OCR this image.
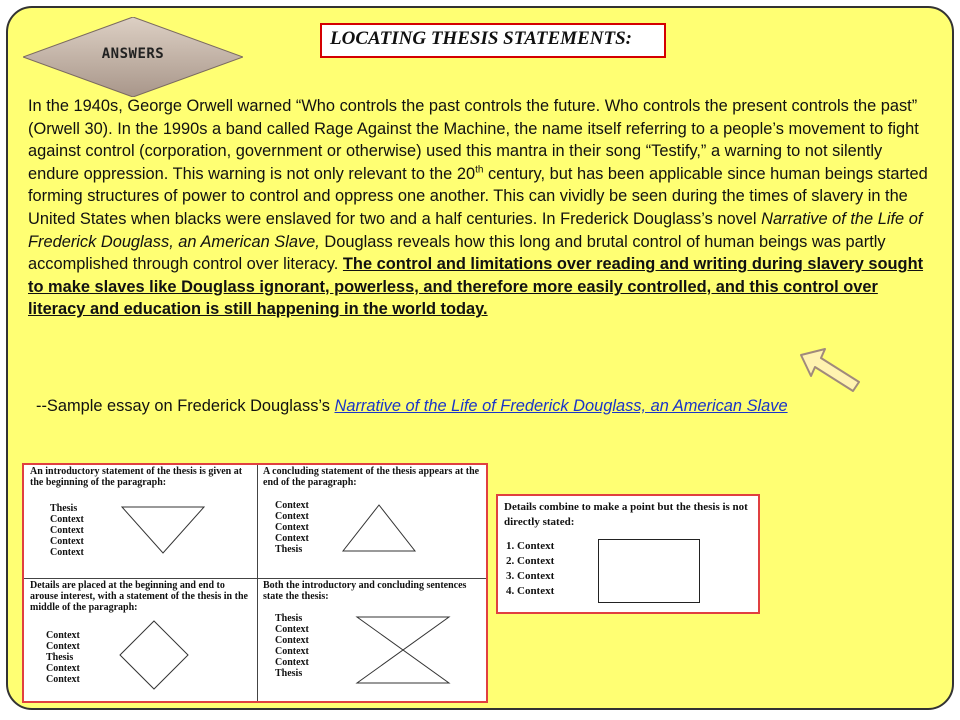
ANSWERS
LOCATING THESIS STATEMENTS:
In the 1940s, George Orwell warned “Who controls the past controls the future. Who controls the present controls the past” (Orwell 30). In the 1990s a band called Rage Against the Machine, the name itself referring to a people’s movement to fight against control (corporation, government or otherwise) used this mantra in their song “Testify,” a warning to not silently endure oppression. This warning is not only relevant to the 20th century, but has been applicable since human beings started forming structures of power to control and oppress one another. This can vividly be seen during the times of slavery in the United States when blacks were enslaved for two and a half centuries. In Frederick Douglass’s novel Narrative of the Life of Frederick Douglass, an American Slave, Douglass reveals how this long and brutal control of human beings was partly accomplished through control over literacy. The control and limitations over reading and writing during slavery sought to make slaves like Douglass ignorant, powerless, and therefore more easily controlled, and this control over literacy and education is still happening in the world today.
--Sample essay on Frederick Douglass’s Narrative of the Life of Frederick Douglass, an American Slave
An introductory statement of the thesis is given at the beginning of the paragraph:
Thesis
Context
Context
Context
Context
A concluding statement of the thesis appears at the end of the paragraph:
Context
Context
Context
Context
Thesis
Details are placed at the beginning and end to arouse interest, with a statement of the thesis in the middle of the paragraph:
Context
Context
Thesis
Context
Context
Both the introductory and concluding sentences state the thesis:
Thesis
Context
Context
Context
Context
Thesis
Details combine to make a point but the thesis is not directly stated:
1. Context
2. Context
3. Context
4. Context
